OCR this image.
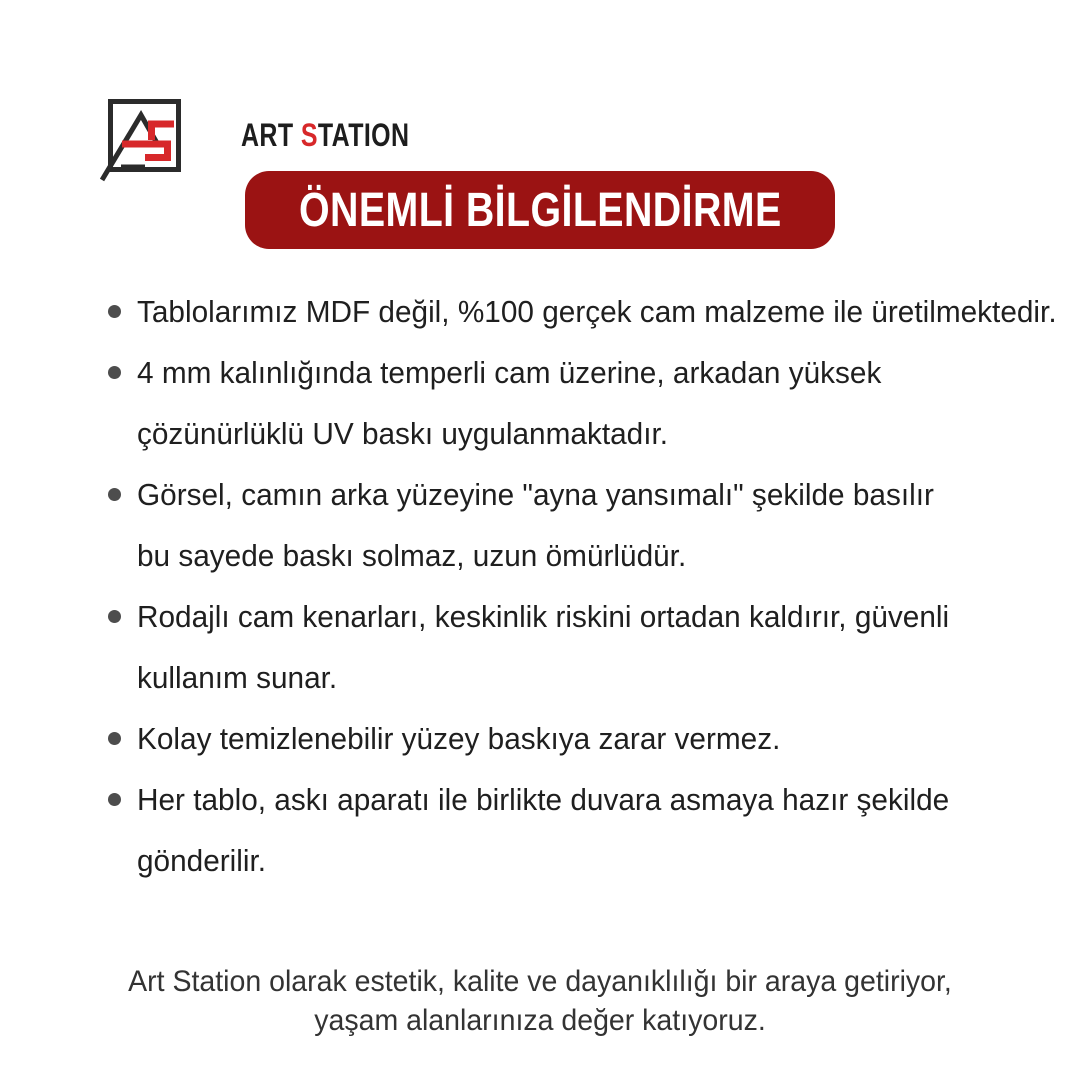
ART STATION

ÖNEMLİ BİLGİLENDİRME
Tablolarımız MDF değil, %100 gerçek cam malzeme ile üretilmektedir.
4 mm kalınlığında temperli cam üzerine, arkadan yüksek
çözünürlüklü UV baskı uygulanmaktadır.
Görsel, camın arka yüzeyine "ayna yansımalı" şekilde basılır
bu sayede baskı solmaz, uzun ömürlüdür.
Rodajlı cam kenarları, keskinlik riskini ortadan kaldırır, güvenli
kullanım sunar.
Kolay temizlenebilir yüzey baskıya zarar vermez.
Her tablo, askı aparatı ile birlikte duvara asmaya hazır şekilde
gönderilir.
Art Station olarak estetik, kalite ve dayanıklılığı bir araya getiriyor,
yaşam alanlarınıza değer katıyoruz.
